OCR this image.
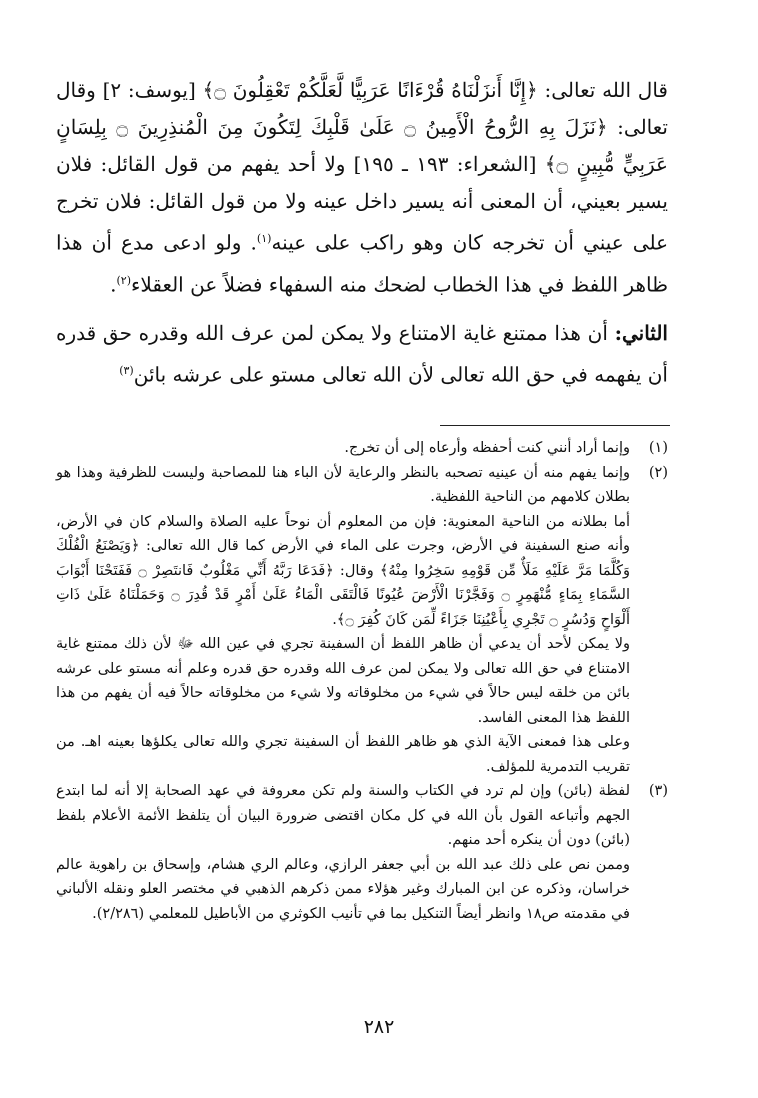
قال الله تعالى: ﴿إِنَّا أَنزَلْنَاهُ قُرْءَانًا عَرَبِيًّا لَّعَلَّكُمْ تَعْقِلُونَ ۝﴾ [يوسف: ٢] وقال تعالى: ﴿نَزَلَ بِهِ الرُّوحُ الْأَمِينُ ۝ عَلَىٰ قَلْبِكَ لِتَكُونَ مِنَ الْمُنذِرِينَ ۝ بِلِسَانٍ عَرَبِيٍّ مُّبِينٍ ۝﴾ [الشعراء: ١٩٣ ـ ١٩٥] ولا أحد يفهم من قول القائل: فلان يسير بعيني، أن المعنى أنه يسير داخل عينه ولا من قول القائل: فلان تخرج على عيني أن تخرجه كان وهو راكب على عينه$^{(١)}$. ولو ادعى مدع أن هذا ظاهر اللفظ في هذا الخطاب لضحك منه السفهاء فضلاً عن العقلاء$^{(٢)}$.

الثاني: أن هذا ممتنع غاية الامتناع ولا يمكن لمن عرف الله وقدره حق قدره أن يفهمه في حق الله تعالى لأن الله تعالى مستو على عرشه بائن$^{(٣)}$

(١)

وإنما أراد أنني كنت أحفظه وأرعاه إلى أن تخرج.

(٢)

وإنما يفهم منه أن عينيه تصحبه بالنظر والرعاية لأن الباء هنا للمصاحبة وليست للظرفية وهذا هو بطلان كلامهم من الناحية اللفظية.

أما بطلانه من الناحية المعنوية: فإن من المعلوم أن نوحاً عليه الصلاة والسلام كان في الأرض، وأنه صنع السفينة في الأرض، وجرت على الماء في الأرض كما قال الله تعالى: ﴿وَيَصْنَعُ الْفُلْكَ وَكُلَّمَا مَرَّ عَلَيْهِ مَلَأٌ مِّن قَوْمِهِ سَخِرُوا مِنْهُ﴾ وقال: ﴿فَدَعَا رَبَّهُ أَنِّي مَغْلُوبٌ فَانتَصِرْ ۝ فَفَتَحْنَا أَبْوَابَ السَّمَاءِ بِمَاءٍ مُّنْهَمِرٍ ۝ وَفَجَّرْنَا الْأَرْضَ عُيُونًا فَالْتَقَى الْمَاءُ عَلَىٰ أَمْرٍ قَدْ قُدِرَ ۝ وَحَمَلْنَاهُ عَلَىٰ ذَاتِ أَلْوَاحٍ وَدُسُرٍ ۝ تَجْرِي بِأَعْيُنِنَا جَزَاءً لِّمَن كَانَ كُفِرَ ۝﴾.

ولا يمكن لأحد أن يدعي أن ظاهر اللفظ أن السفينة تجري في عين الله ﷻ لأن ذلك ممتنع غاية الامتناع في حق الله تعالى ولا يمكن لمن عرف الله وقدره حق قدره وعلم أنه مستو على عرشه بائن من خلقه ليس حالاً في شيء من مخلوقاته ولا شيء من مخلوقاته حالاً فيه أن يفهم من هذا اللفظ هذا المعنى الفاسد.

وعلى هذا فمعنى الآية الذي هو ظاهر اللفظ أن السفينة تجري والله تعالى يكلؤها بعينه اهـ. من تقريب التدمرية للمؤلف.

(٣)

لفظة (بائن) وإن لم ترد في الكتاب والسنة ولم تكن معروفة في عهد الصحابة إلا أنه لما ابتدع الجهم وأتباعه القول بأن الله في كل مكان اقتضى ضرورة البيان أن يتلفظ الأئمة الأعلام بلفظ (بائن) دون أن ينكره أحد منهم.

وممن نص على ذلك عبد الله بن أبي جعفر الرازي، وعالم الري هشام، وإسحاق بن راهوية عالم خراسان، وذكره عن ابن المبارك وغير هؤلاء ممن ذكرهم الذهبي في مختصر العلو ونقله الألباني في مقدمته ص١٨ وانظر أيضاً التنكيل بما في تأنيب الكوثري من الأباطيل للمعلمي (٢/٢٨٦).

٢٨٢
